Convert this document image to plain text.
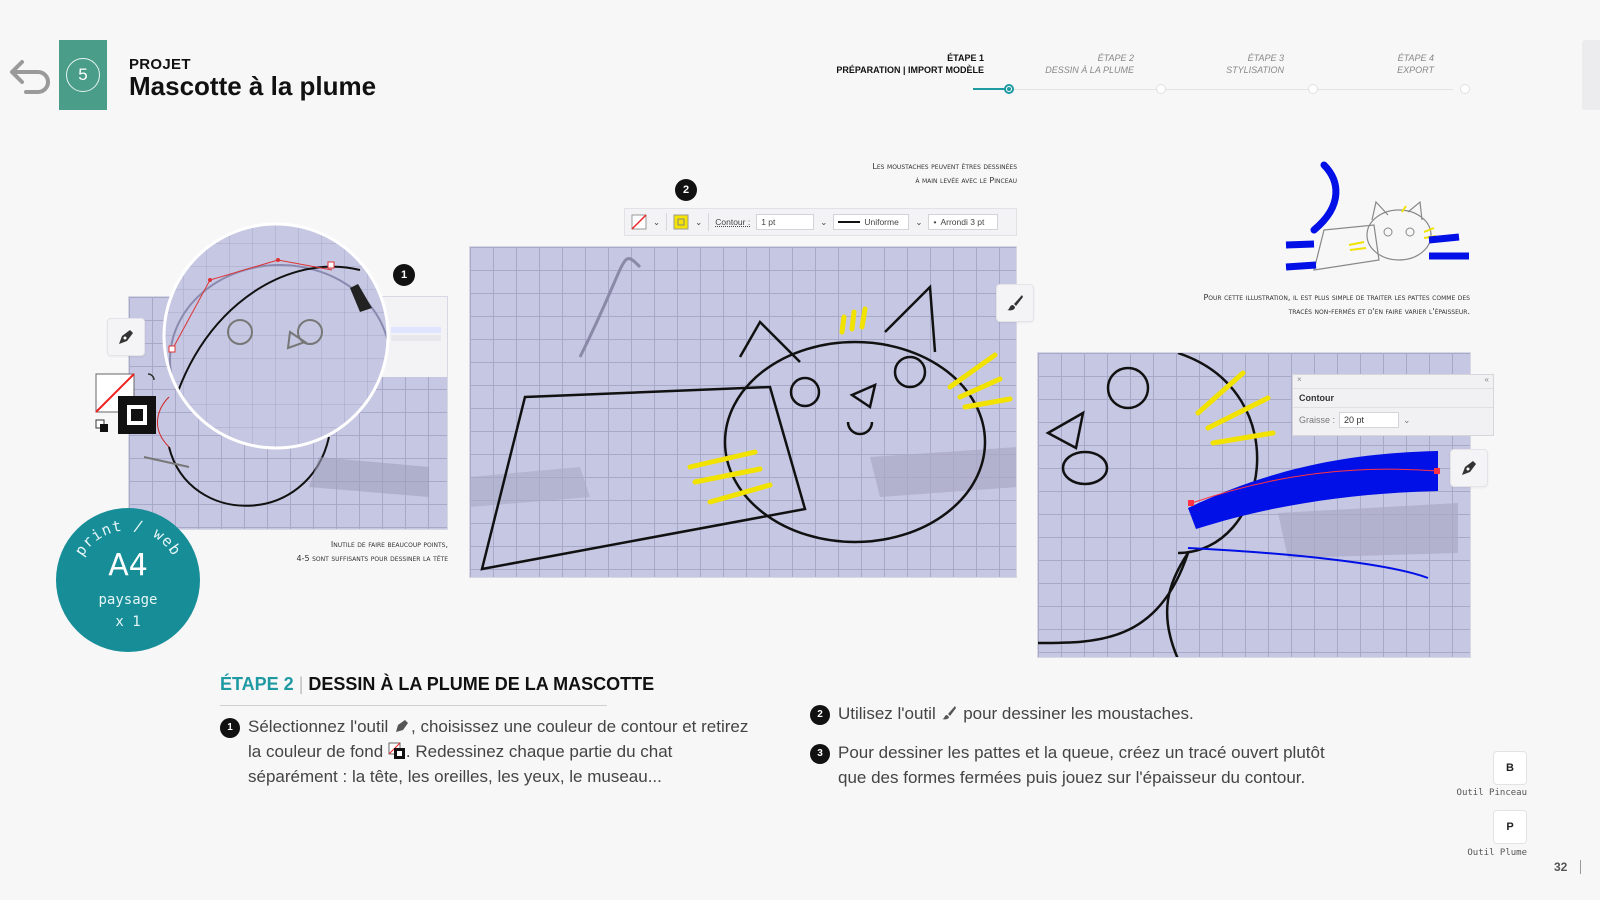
5
PROJET
Mascotte à la plume
ÉTAPE 1
PRÉPARATION | IMPORT MODÈLE
ÉTAPE 2
DESSIN À LA PLUME
ÉTAPE 3
STYLISATION
ÉTAPE 4
EXPORT
1
Inutile de faire beaucoup points,
4-5 sont suffisants pour dessiner la tête
print / web
A4
paysage
x 1
Les moustaches peuvent êtres dessinées
à main levée avec le Pinceau
2
⌄	⌄ Contour : 1 pt	⌄	Uniforme ⌄ • Arrondi 3 pt
Pour cette illustration, il est plus simple de traiter les pattes comme des
tracés non-fermés et d'en faire varier l'épaisseur.
×	«
Contour
Graisse :	20 pt	⌄
ÉTAPE 2 | DESSIN À LA PLUME DE LA MASCOTTE
1 Sélectionnez l'outil , choisissez une couleur de contour et retirez
la couleur de fond . Redessinez chaque partie du chat
séparément : la tête, les oreilles, les yeux, le museau...
2 Utilisez l'outil pour dessiner les moustaches.
3 Pour dessiner les pattes et la queue, créez un tracé ouvert plutôt
que des formes fermées puis jouez sur l'épaisseur du contour.	B
Outil Pinceau
P
Outil Plume
32
